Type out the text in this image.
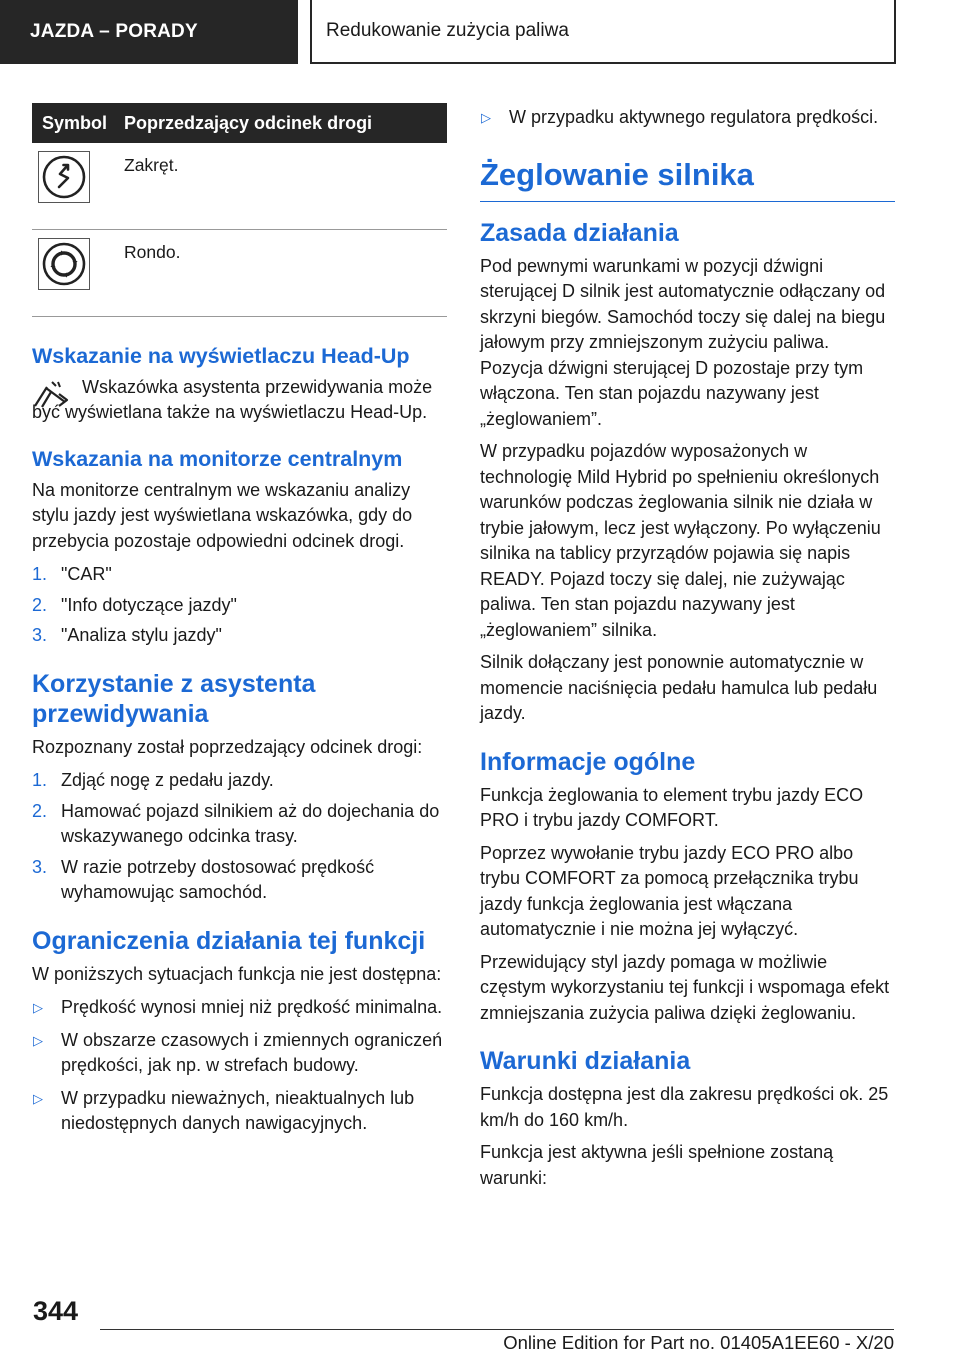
JAZDA – PORADY	Redukowanie zużycia paliwa
Symbol	Poprzedzający odcinek drogi

	Zakręt.

	Rondo.
Wskazanie na wyświetlaczu Head-Up

Wskazówka asystenta przewidywania może być wyświetlana także na wyświetlaczu Head-Up.

Wskazania na monitorze centralnym

Na monitorze centralnym we wskazaniu analizy stylu jazdy jest wyświetlana wskazówka, gdy do przebycia pozostaje odpowiedni odcinek drogi.

1. "CAR"
2. "Info dotyczące jazdy"
3. "Analiza stylu jazdy"
Korzystanie z asystenta przewidywania

Rozpoznany został poprzedzający odcinek drogi:

1. Zdjąć nogę z pedału jazdy.
2. Hamować pojazd silnikiem aż do dojechania do wskazywanego odcinka trasy.
3. W razie potrzeby dostosować prędkość wyhamowując samochód.
Ograniczenia działania tej funkcji

W poniższych sytuacjach funkcja nie jest dostępna:

▷ Prędkość wynosi mniej niż prędkość minimalna.
▷ W obszarze czasowych i zmiennych ograniczeń prędkości, jak np. w strefach budowy.
▷ W przypadku nieważnych, nieaktualnych lub niedostępnych danych nawigacyjnych.
▷ W przypadku aktywnego regulatora prędkości.
Żeglowanie silnika
Zasada działania

Pod pewnymi warunkami w pozycji dźwigni sterującej D silnik jest automatycznie odłączany od skrzyni biegów. Samochód toczy się dalej na biegu jałowym przy zmniejszonym zużyciu paliwa. Pozycja dźwigni sterującej D pozostaje przy tym włączona. Ten stan pojazdu nazywany jest „żeglowaniem”.

W przypadku pojazdów wyposażonych w technologię Mild Hybrid po spełnieniu określonych warunków podczas żeglowania silnik nie działa w trybie jałowym, lecz jest wyłączony. Po wyłączeniu silnika na tablicy przyrządów pojawia się napis READY. Pojazd toczy się dalej, nie zużywając paliwa. Ten stan pojazdu nazywany jest „żeglowaniem” silnika.

Silnik dołączany jest ponownie automatycznie w momencie naciśnięcia pedału hamulca lub pedału jazdy.

Informacje ogólne

Funkcja żeglowania to element trybu jazdy ECO PRO i trybu jazdy COMFORT.

Poprzez wywołanie trybu jazdy ECO PRO albo trybu COMFORT za pomocą przełącznika trybu jazdy funkcja żeglowania jest włączana automatycznie i nie można jej wyłączyć.

Przewidujący styl jazdy pomaga w możliwie częstym wykorzystaniu tej funkcji i wspomaga efekt zmniejszania zużycia paliwa dzięki żeglowaniu.

Warunki działania

Funkcja dostępna jest dla zakresu prędkości ok. 25 km/h do 160 km/h.

Funkcja jest aktywna jeśli spełnione zostaną warunki:

344
Online Edition for Part no. 01405A1EE60 - X/20
